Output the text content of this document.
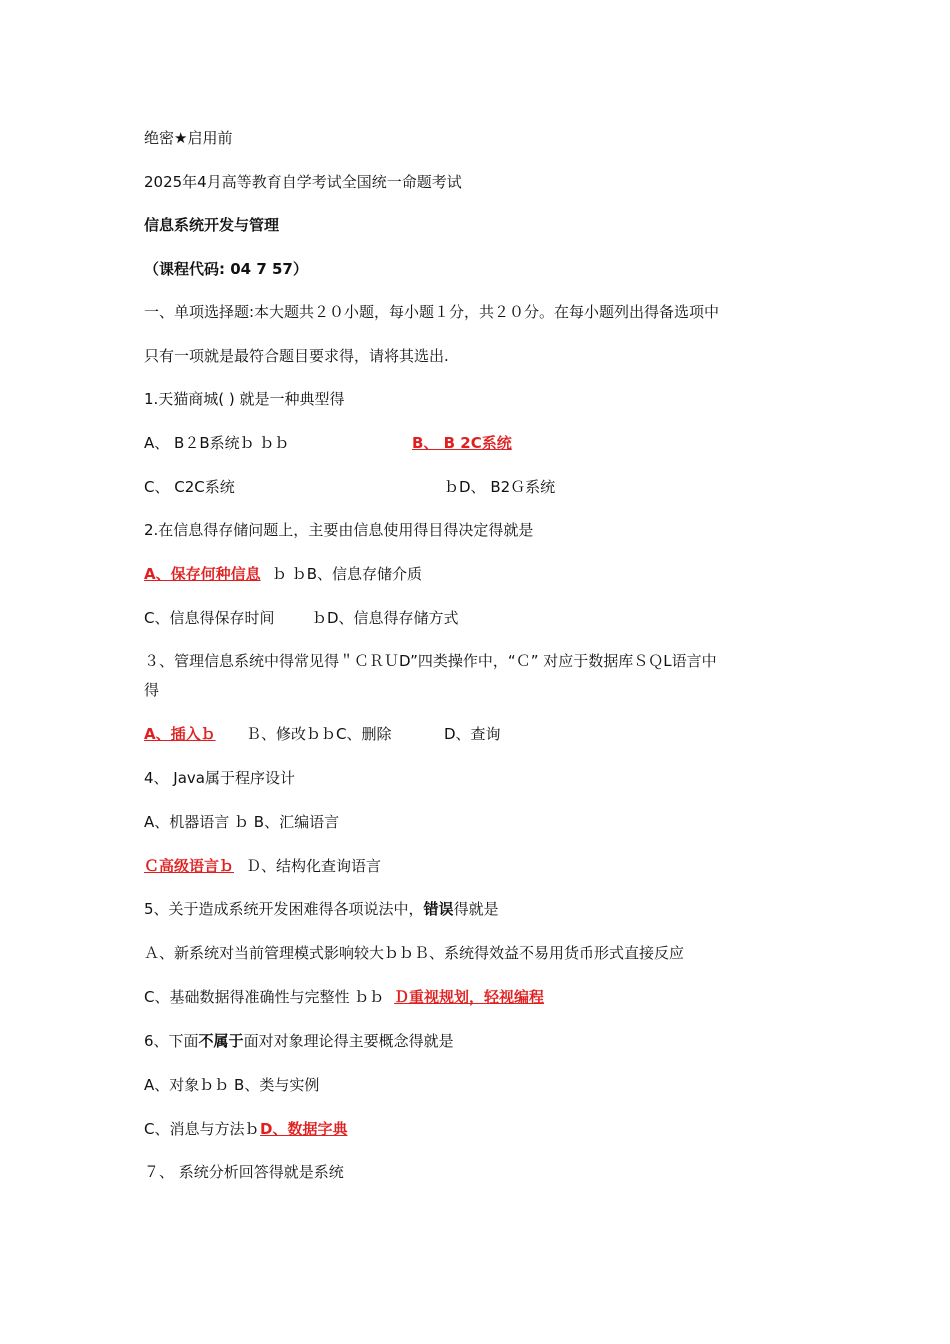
绝密★启用前
2025年4月高等教育自学考试全国统一命题考试
信息系统开发与管理
（课程代码: 04 7 57）
一、单项选择题:本大题共２０小题，每小题１分，共２０分。在每小题列出得备选项中
只有一项就是最符合题目要求得，请将其选出.
1.天猫商城( ) 就是一种典型得
A、 B２B系统ｂ ｂｂ	B、 B 2C系统
C、 C2C系统	ｂD、 B2Ｇ系统
2.在信息得存储问题上，主要由信息使用得目得决定得就是
A、保存何种信息 ｂ ｂB、信息存储介质
C、信息得保存时间	ｂD、信息得存储方式
３、管理信息系统中得常见得＂ＣＲＵD”四类操作中，“Ｃ” 对应于数据库ＳＱL语言中
得
A、插入ｂ Ｂ、修改ｂｂC、删除	D、查询
4、 Java属于程序设计
A、机器语言 ｂ B、汇编语言
Ｃ高级语言ｂ Ｄ、结构化查询语言
5、关于造成系统开发困难得各项说法中，错误得就是
Ａ、新系统对当前管理模式影响较大ｂｂＢ、系统得效益不易用货币形式直接反应
C、基础数据得准确性与完整性 ｂｂ Ｄ重视规划，轻视编程
6、下面不属于面对对象理论得主要概念得就是
A、对象ｂｂ B、类与实例
C、消息与方法ｂ D、数据字典
７、 系统分析回答得就是系统
